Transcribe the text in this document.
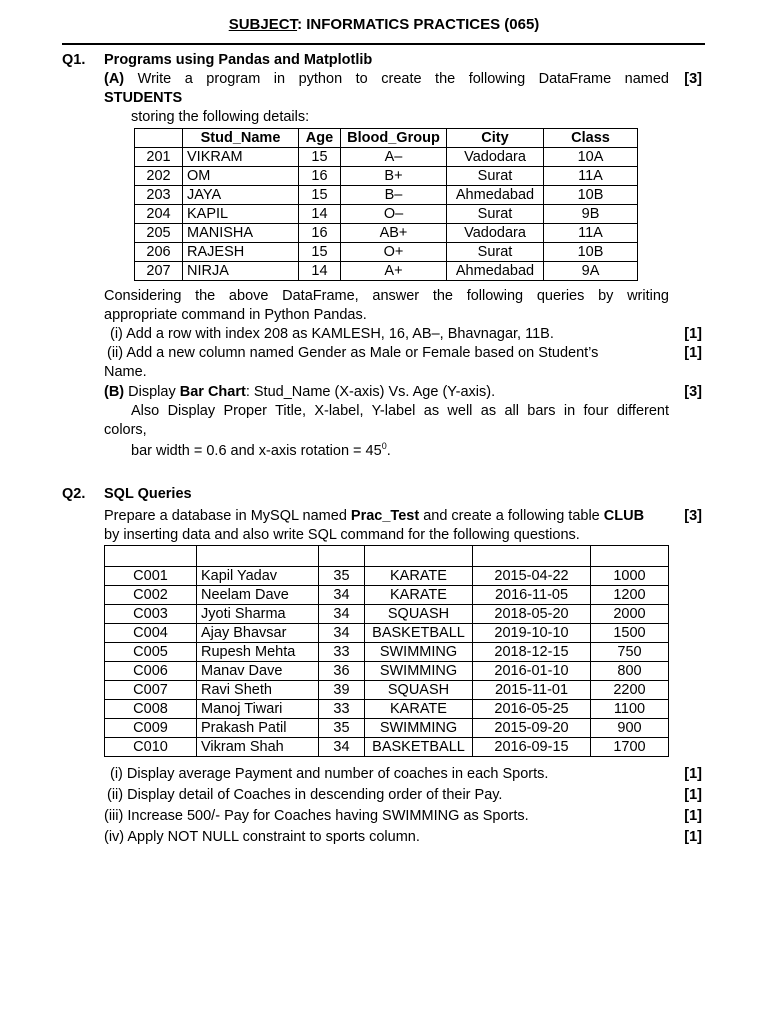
SUBJECT: INFORMATICS PRACTICES (065)
Q1. Programs using Pandas and Matplotlib
(A) Write a program in python to create the following DataFrame named [3]
STUDENTS
storing the following details:
	Stud_Name	Age	Blood_Group	City	Class
201	VIKRAM	15	A–	Vadodara	10A
202	OM	16	B+	Surat	11A
203	JAYA	15	B–	Ahmedabad	10B
204	KAPIL	14	O–	Surat	9B
205	MANISHA	16	AB+	Vadodara	11A
206	RAJESH	15	O+	Surat	10B
207	NIRJA	14	A+	Ahmedabad	9A
Considering the above DataFrame, answer the following queries by writing
appropriate command in Python Pandas.
(i) Add a row with index 208 as KAMLESH, 16, AB–, Bhavnagar, 11B.	[1]
(ii) Add a new column named Gender as Male or Female based on Student’s	[1]
Name.
(B) Display Bar Chart: Stud_Name (X-axis) Vs. Age (Y-axis).	[3]
Also Display Proper Title, X-label, Y-label as well as all bars in four different
colors,
bar width = 0.6 and x-axis rotation = $45^0$.
Q2. SQL Queries
Prepare a database in MySQL named Prac_Test and create a following table CLUB	[3]
by inserting data and also write SQL command for the following questions.

C001	Kapil Yadav	35	KARATE	2015-04-22	1000
C002	Neelam Dave	34	KARATE	2016-11-05	1200
C003	Jyoti Sharma	34	SQUASH	2018-05-20	2000
C004	Ajay Bhavsar	34	BASKETBALL	2019-10-10	1500
C005	Rupesh Mehta	33	SWIMMING	2018-12-15	750
C006	Manav Dave	36	SWIMMING	2016-01-10	800
C007	Ravi Sheth	39	SQUASH	2015-11-01	2200
C008	Manoj Tiwari	33	KARATE	2016-05-25	1100
C009	Prakash Patil	35	SWIMMING	2015-09-20	900
C010	Vikram Shah	34	BASKETBALL	2016-09-15	1700
(i) Display average Payment and number of coaches in each Sports.	[1]
(ii) Display detail of Coaches in descending order of their Pay.	[1]
(iii) Increase 500/- Pay for Coaches having SWIMMING as Sports.	[1]
(iv) Apply NOT NULL constraint to sports column.	[1]
